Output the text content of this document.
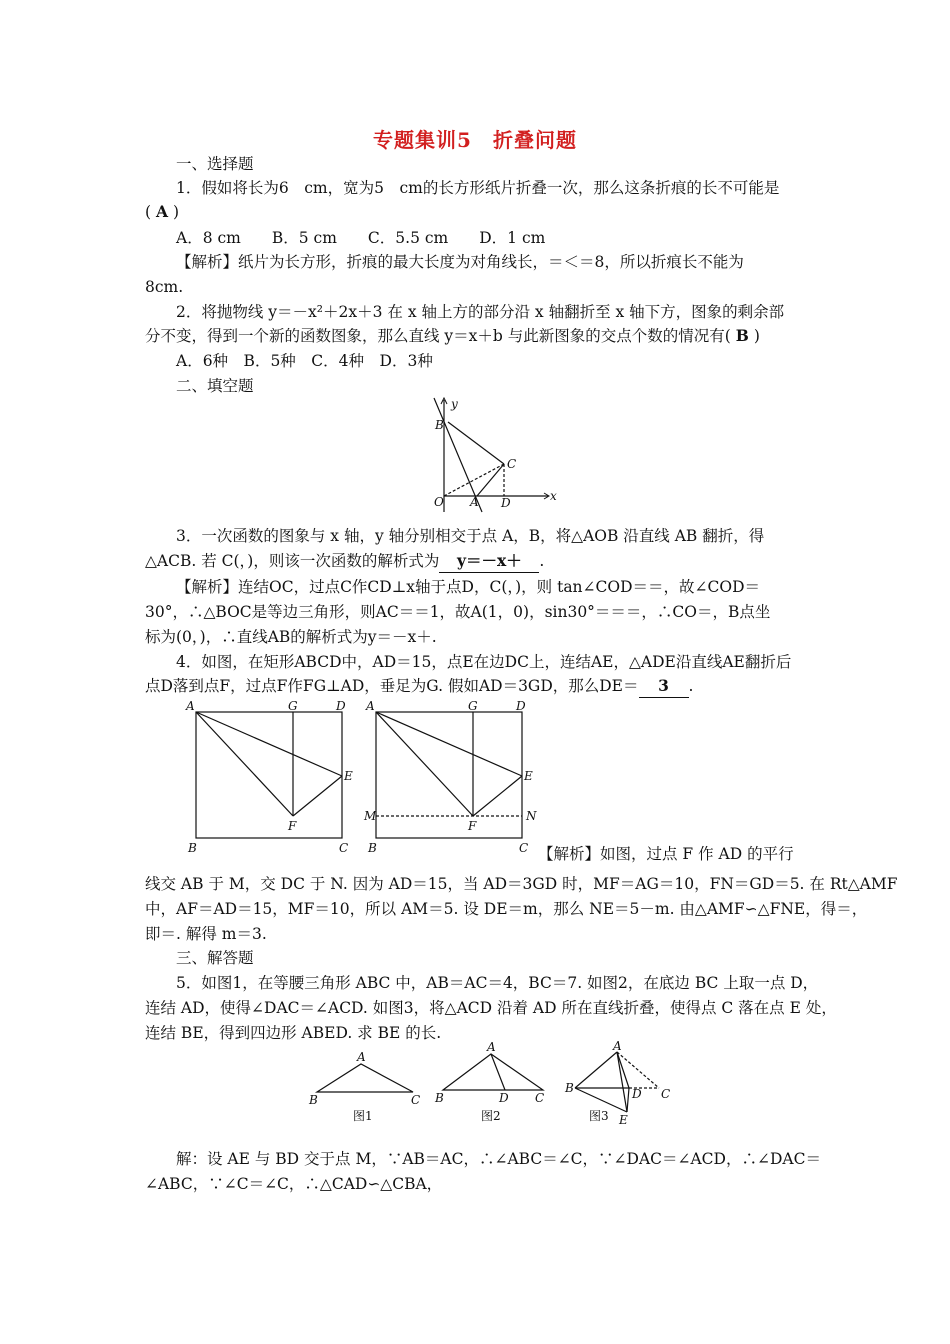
专题集训5　折叠问题
一、选择题
1．假如将长为6　cm，宽为5　cm的长方形纸片折叠一次，那么这条折痕的长不可能是
( A )
A．8 cm　　B．5 cm　　C．5.5 cm　　D．1 cm
【解析】纸片为长方形，折痕的最大长度为对角线长，＝＜＝8，所以折痕长不能为
8cm.
2．将抛物线 y＝－x²＋2x＋3 在 x 轴上方的部分沿 x 轴翻折至 x 轴下方，图象的剩余部
分不变，得到一个新的函数图象，那么直线 y＝x＋b 与此新图象的交点个数的情况有( B )
A．6种　B．5种　C．4种　D．3种
二、填空题
y
x
B
C
O A D
3．一次函数的图象与 x 轴，y 轴分别相交于点 A，B，将△AOB 沿直线 AB 翻折，得
△ACB. 若 C(，)，则该一次函数的解析式为 y＝－x＋ .
【解析】连结OC，过点C作CD⊥x轴于点D，C(，)，则 tan∠COD＝＝，故∠COD＝
30°，∴△BOC是等边三角形，则AC＝＝1，故A(1，0)，sin30°＝＝＝，∴CO＝，B点坐
标为(0，)，∴直线AB的解析式为y＝－x＋.
4．如图，在矩形ABCD中，AD＝15，点E在边DC上，连结AE，△ADE沿直线AE翻折后
点D落到点F，过点F作FG⊥AD，垂足为G. 假如AD＝3GD，那么DE＝ 3 .
A	G	D
E
F
B	C
A	G	D
E
M	N
F
B	C 【解析】如图，过点 F 作 AD 的平行
线交 AB 于 M，交 DC 于 N. 因为 AD＝15，当 AD＝3GD 时，MF＝AG＝10，FN＝GD＝5. 在 Rt△AMF
中，AF＝AD＝15，MF＝10，所以 AM＝5. 设 DE＝m，那么 NE＝5－m. 由△AMF∽△FNE，得＝，
即＝. 解得 m＝3.
三、解答题
5．如图1，在等腰三角形 ABC 中，AB＝AC＝4，BC＝7. 如图2，在底边 BC 上取一点 D，
连结 AD，使得∠DAC＝∠ACD. 如图3，将△ACD 沿着 AD 所在直线折叠，使得点 C 落在点 E 处，
连结 BE，得到四边形 ABED. 求 BE 的长.
A
B	C
图1
A
B	D C
图2
A
B	D C
E
图3
解：设 AE 与 BD 交于点 M，∵AB＝AC，∴∠ABC＝∠C，∵∠DAC＝∠ACD，∴∠DAC＝
∠ABC，∵∠C＝∠C，∴△CAD∽△CBA，
